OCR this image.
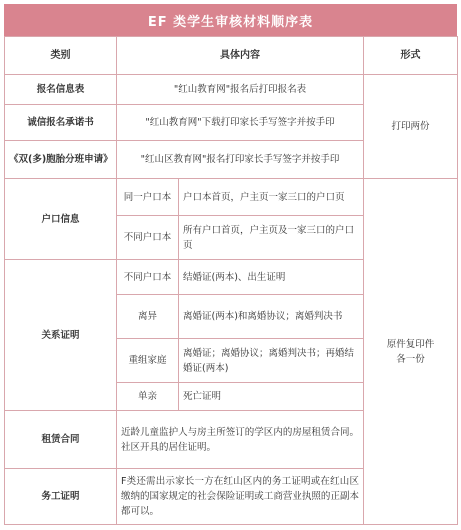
EF 类学生审核材料顺序表
类别	具体内容		形式
报名信息表	"红山教育网"报名后打印报名表		打印两份
诚信报名承诺书	"红山教育网"下载打印家长手写签字并按手印		
《双(多)胞胎分班申请》	"红山区教育网"报名打印家长手写签字并按手印		
户口信息	同一户口本	户口本首页，户主页一家三口的户口页	原件复印件
各一份

	不同户口本	所有户口首页，户主页及一家三口的户口页	
关系证明	不同户口本	结婚证(两本)、出生证明	
	离异	离婚证(两本)和离婚协议；离婚判决书	
	重组家庭	离婚证；离婚协议；离婚判决书；再婚结婚证(两本)	
	单亲	死亡证明	
租赁合同	近龄儿童监护人与房主所签订的学区内的房屋租赁合同。社区开具的居住证明。		
务工证明	F类还需出示家长一方在红山区内的务工证明或在红山区缴纳的国家规定的社会保险证明或工商营业执照的正副本都可以。		
